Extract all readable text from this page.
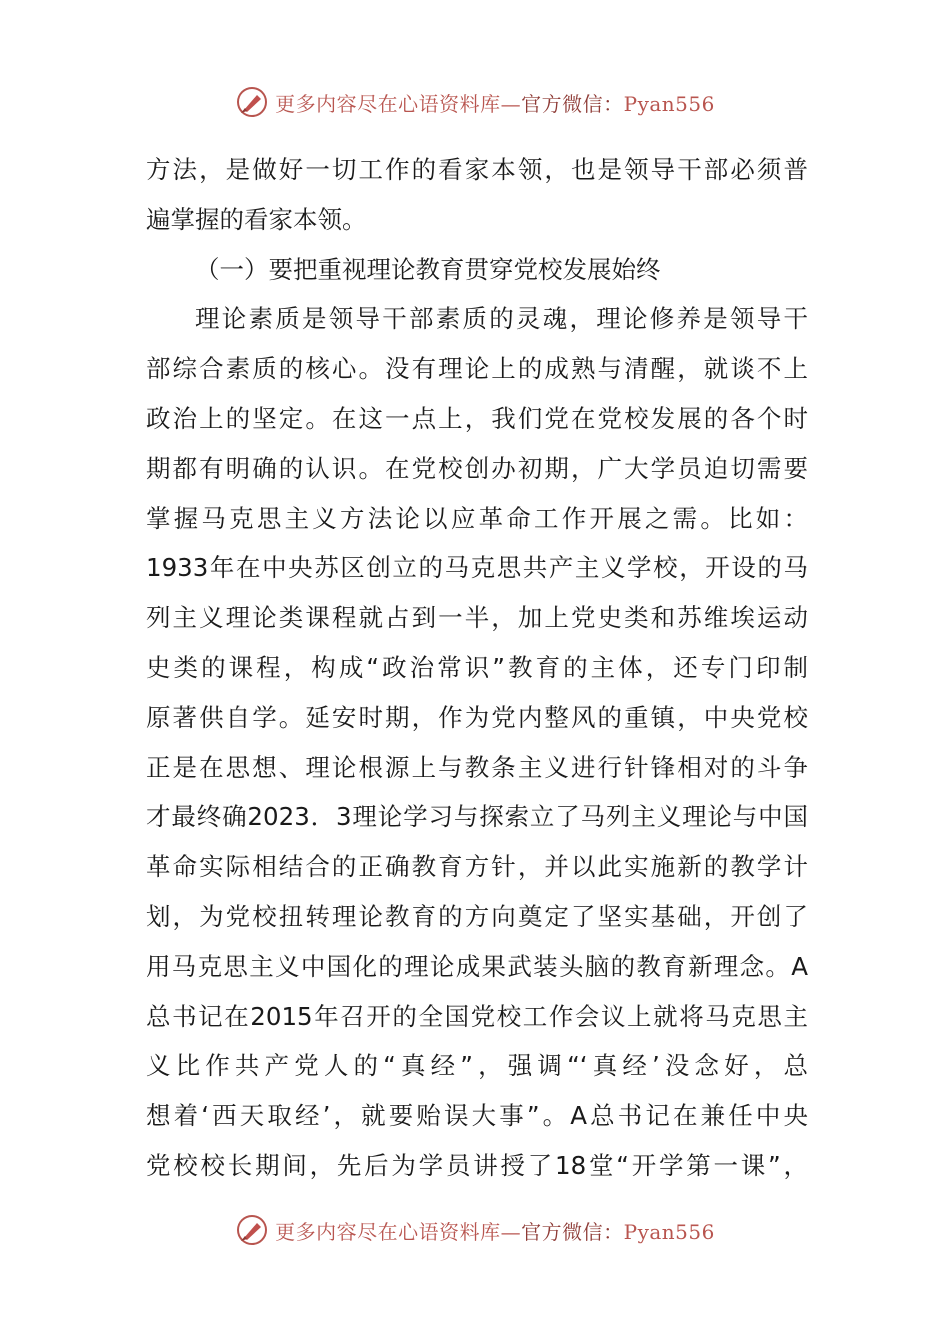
更多内容尽在心语资料库—官方微信：Pyan556
方法，是做好一切工作的看家本领，也是领导干部必须普
遍掌握的看家本领。
（一）要把重视理论教育贯穿党校发展始终
理论素质是领导干部素质的灵魂，理论修养是领导干
部综合素质的核心。没有理论上的成熟与清醒，就谈不上
政治上的坚定。在这一点上，我们党在党校发展的各个时
期都有明确的认识。在党校创办初期，广大学员迫切需要
掌握马克思主义方法论以应革命工作开展之需。比如：
1933年在中央苏区创立的马克思共产主义学校，开设的马
列主义理论类课程就占到一半，加上党史类和苏维埃运动
史类的课程，构成“政治常识”教育的主体，还专门印制
原著供自学。延安时期，作为党内整风的重镇，中央党校
正是在思想、理论根源上与教条主义进行针锋相对的斗争
才最终确2023．3理论学习与探索立了马列主义理论与中国
革命实际相结合的正确教育方针，并以此实施新的教学计
划，为党校扭转理论教育的方向奠定了坚实基础，开创了
用马克思主义中国化的理论成果武装头脑的教育新理念。A
总书记在2015年召开的全国党校工作会议上就将马克思主
义比作共产党人的“真经”，强调“‘真经’没念好，总
想着‘西天取经’，就要贻误大事”。A总书记在兼任中央
党校校长期间，先后为学员讲授了18堂“开学第一课”，
更多内容尽在心语资料库—官方微信：Pyan556
